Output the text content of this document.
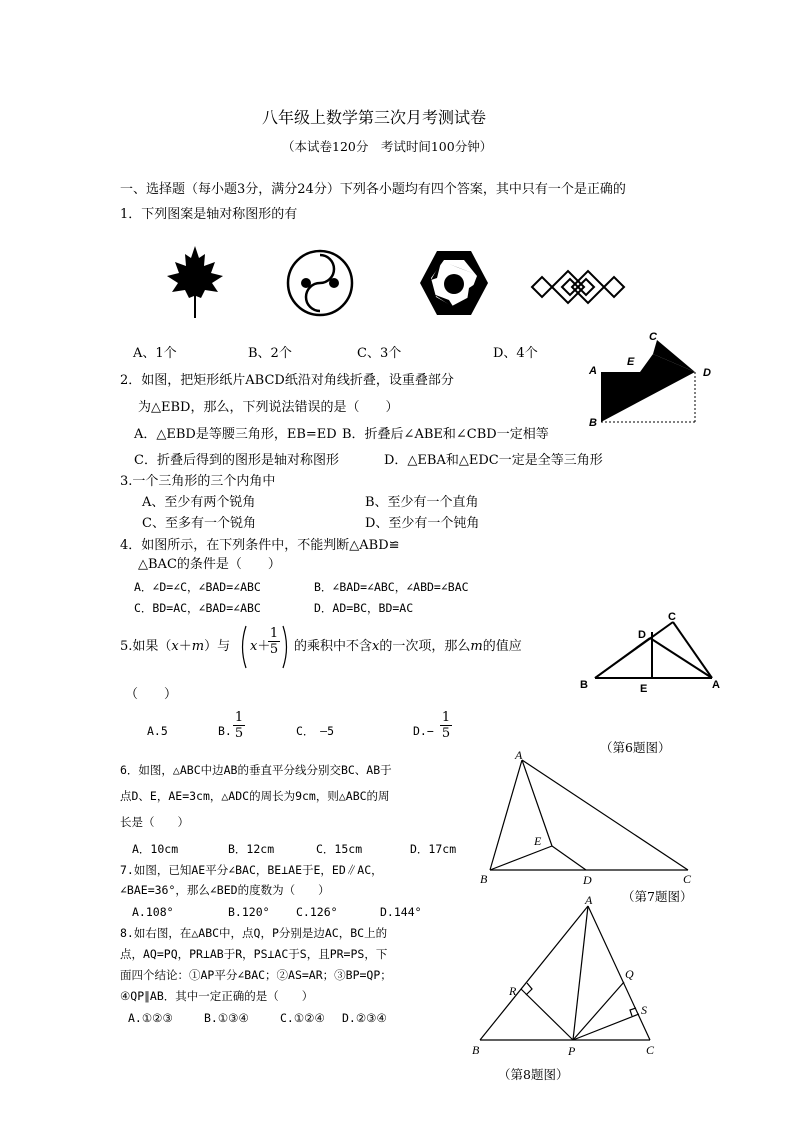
八年级上数学第三次月考测试卷
（本试卷120分　考试时间100分钟）
一、选择题（每小题3分，满分24分）下列各小题均有四个答案，其中只有一个是正确的
1．下列图案是轴对称图形的有
A、1个	B、2个	C、3个	D、4个
C
E
A	D
B
2．如图，把矩形纸片ABCD纸沿对角线折叠，设重叠部分
为△EBD，那么，下列说法错误的是（　　）
A．△EBD是等腰三角形，EB=ED B．折叠后∠ABE和∠CBD一定相等
C．折叠后得到的图形是轴对称图形	D．△EBA和△EDC一定是全等三角形
3.一个三角形的三个内角中
A、至少有两个锐角	B、至少有一个直角
C、至多有一个锐角	D、至少有一个钝角
4．如图所示，在下列条件中，不能判断△ABD≌
△BAC的条件是（　　）
A．∠D=∠C，∠BAD=∠ABC	B．∠BAD=∠ABC，∠ABD=∠BAC
C．BD=AC，∠BAD=∠ABC	D．AD=BC，BD=AC
C
D
B	E	A
5.如果（x＋m）与 x＋
$\frac{1}{5}$ 的乘积中不含x的一次项，那么m的值应
（　　）
A.5	B. $\frac{1}{5}$	C．　—5	$D.- \frac{1}{5}$
（第6题图）
6．如图，△ABC中边AB的垂直平分线分别交BC、AB于
点D、E，AE=3cm，△ADC的周长为9cm，则△ABC的周
长是（　　）
A．10cm	B．12cm	C．15cm	D．17cm
A
E
B	D	C
（第7题图）
7.如图，已知AE平分∠BAC，BE⊥AE于E，ED∥AC，
∠BAE=36°，那么∠BED的度数为（　　）
A.108°	B.120° C.126°	D.144°
8.如右图，在△ABC中，点Q，P分别是边AC，BC上的
点，AQ=PQ，PR⊥AB于R，PS⊥AC于S，且PR=PS，下
面四个结论：①AP平分∠BAC；②AS=AR；③BP=QP；
④QP∥AB．其中一定正确的是（　　）
A.①②③	B.①③④	C.①②④ D.②③④
A
R
Q
S
B	P	C
（第8题图）
